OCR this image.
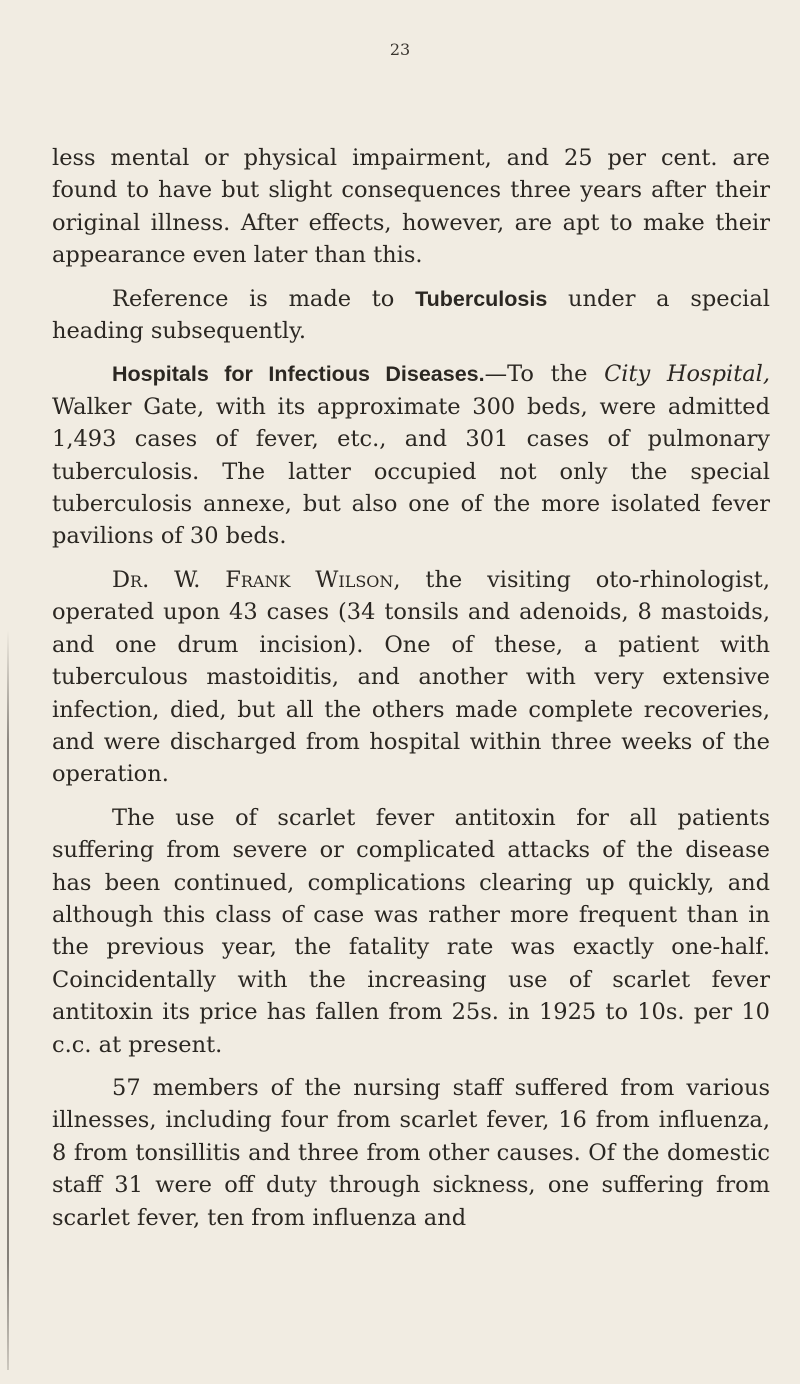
23

less mental or physical impairment, and 25 per cent. are found to have but slight consequences three years after their original illness. After effects, however, are apt to make their appearance even later than this.

Reference is made to Tuberculosis under a special heading subsequently.

Hospitals for Infectious Diseases.—To the City Hospital, Walker Gate, with its approximate 300 beds, were admitted 1,493 cases of fever, etc., and 301 cases of pulmonary tuberculosis. The latter occupied not only the special tuberculosis annexe, but also one of the more isolated fever pavilions of 30 beds.

Dr. W. Frank Wilson, the visiting oto-rhinologist, operated upon 43 cases (34 tonsils and adenoids, 8 mastoids, and one drum incision). One of these, a patient with tuberculous mastoiditis, and another with very extensive infection, died, but all the others made complete recoveries, and were discharged from hospital within three weeks of the operation.

The use of scarlet fever antitoxin for all patients suffering from severe or complicated attacks of the disease has been continued, complications clearing up quickly, and although this class of case was rather more frequent than in the previous year, the fatality rate was exactly one-half. Coincidentally with the increasing use of scarlet fever antitoxin its price has fallen from 25s. in 1925 to 10s. per 10 c.c. at present.

57 members of the nursing staff suffered from various illnesses, including four from scarlet fever, 16 from influenza, 8 from tonsillitis and three from other causes. Of the domestic staff 31 were off duty through sickness, one suffering from scarlet fever, ten from influenza and
